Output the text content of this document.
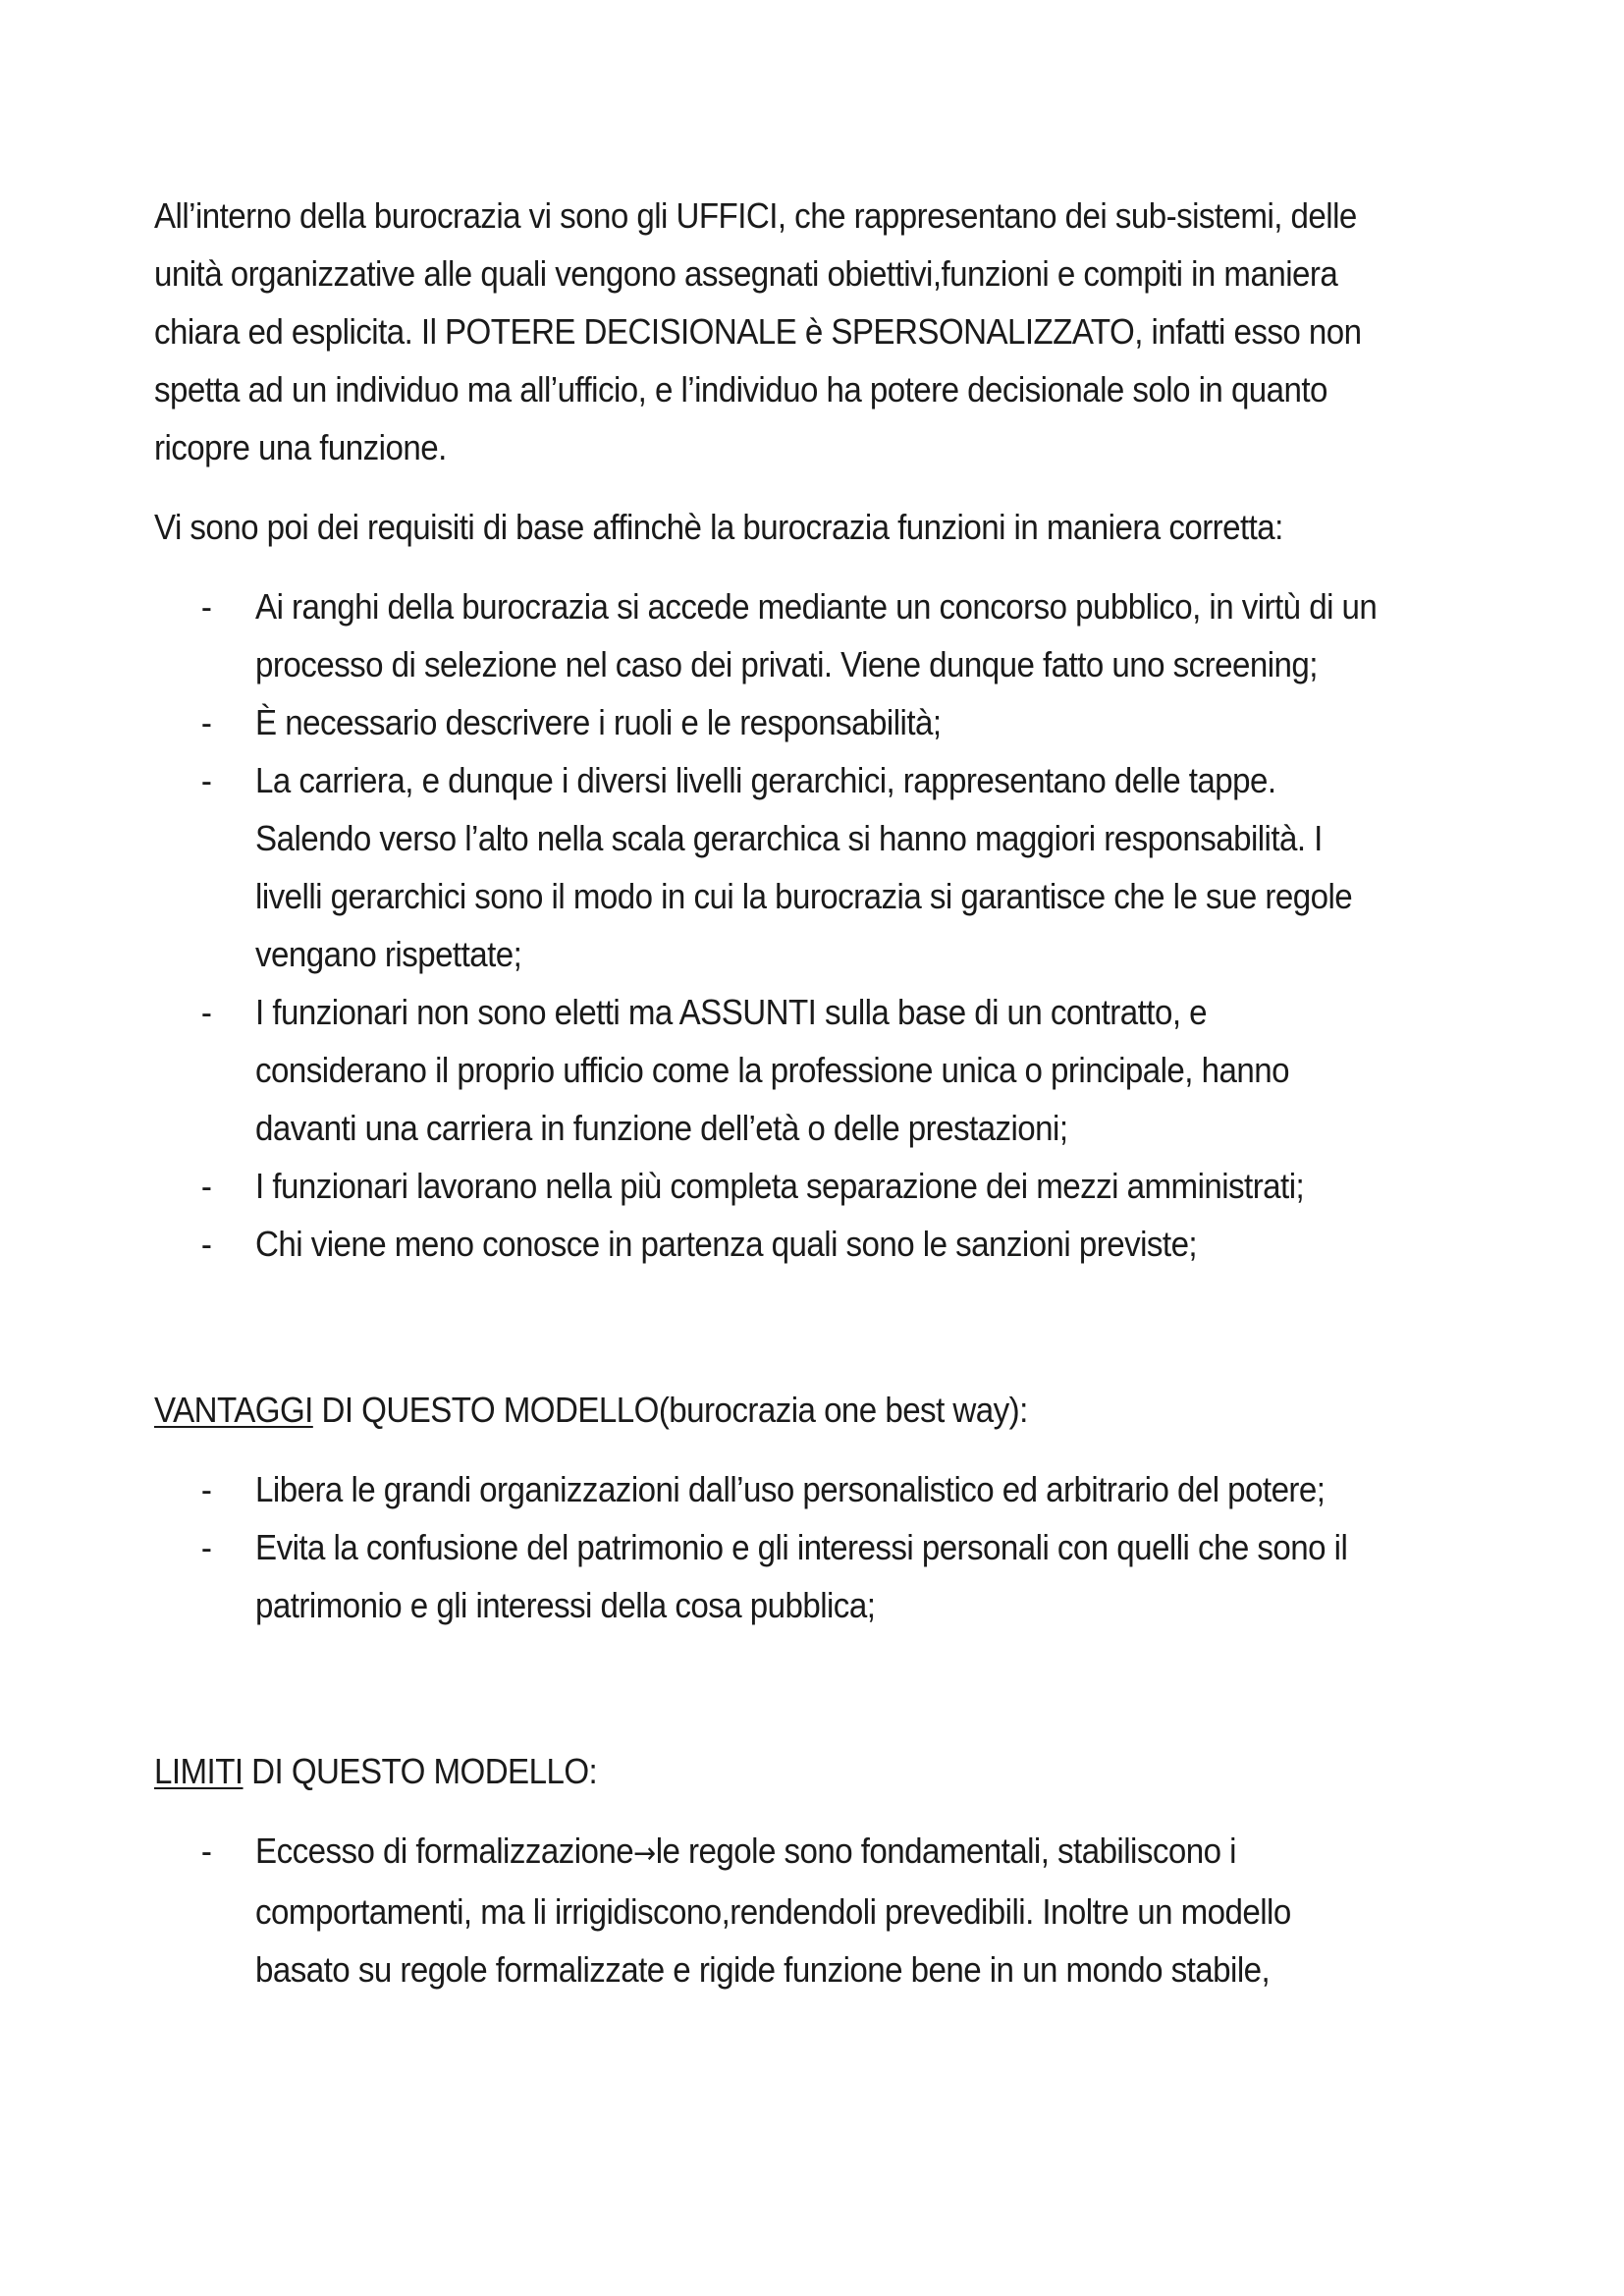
All’interno della burocrazia vi sono gli UFFICI, che rappresentano dei sub-sistemi, delle unità organizzative alle quali vengono assegnati obiettivi,funzioni e compiti in maniera chiara ed esplicita. Il POTERE DECISIONALE è SPERSONALIZZATO, infatti esso non spetta ad un individuo ma all’ufficio, e l’individuo ha potere decisionale solo in quanto ricopre una funzione.

Vi sono poi dei requisiti di base affinchè la burocrazia funzioni in maniera corretta:

- Ai ranghi della burocrazia si accede mediante un concorso pubblico, in virtù di un processo di selezione nel caso dei privati. Viene dunque fatto uno screening;
- È necessario descrivere i ruoli e le responsabilità;
- La carriera, e dunque i diversi livelli gerarchici, rappresentano delle tappe. Salendo verso l’alto nella scala gerarchica si hanno maggiori responsabilità. I livelli gerarchici sono il modo in cui la burocrazia si garantisce che le sue regole vengano rispettate;
- I funzionari non sono eletti ma ASSUNTI sulla base di un contratto, e considerano il proprio ufficio come la professione unica o principale, hanno davanti una carriera in funzione dell’età o delle prestazioni;
- I funzionari lavorano nella più completa separazione dei mezzi amministrati;
- Chi viene meno conosce in partenza quali sono le sanzioni previste;

VANTAGGI DI QUESTO MODELLO(burocrazia one best way):

- Libera le grandi organizzazioni dall’uso personalistico ed arbitrario del potere;
- Evita la confusione del patrimonio e gli interessi personali con quelli che sono il patrimonio e gli interessi della cosa pubblica;

LIMITI DI QUESTO MODELLO:

- Eccesso di formalizzazione→le regole sono fondamentali, stabiliscono i comportamenti, ma li irrigidiscono,rendendoli prevedibili. Inoltre un modello basato su regole formalizzate e rigide funzione bene in un mondo stabile,
